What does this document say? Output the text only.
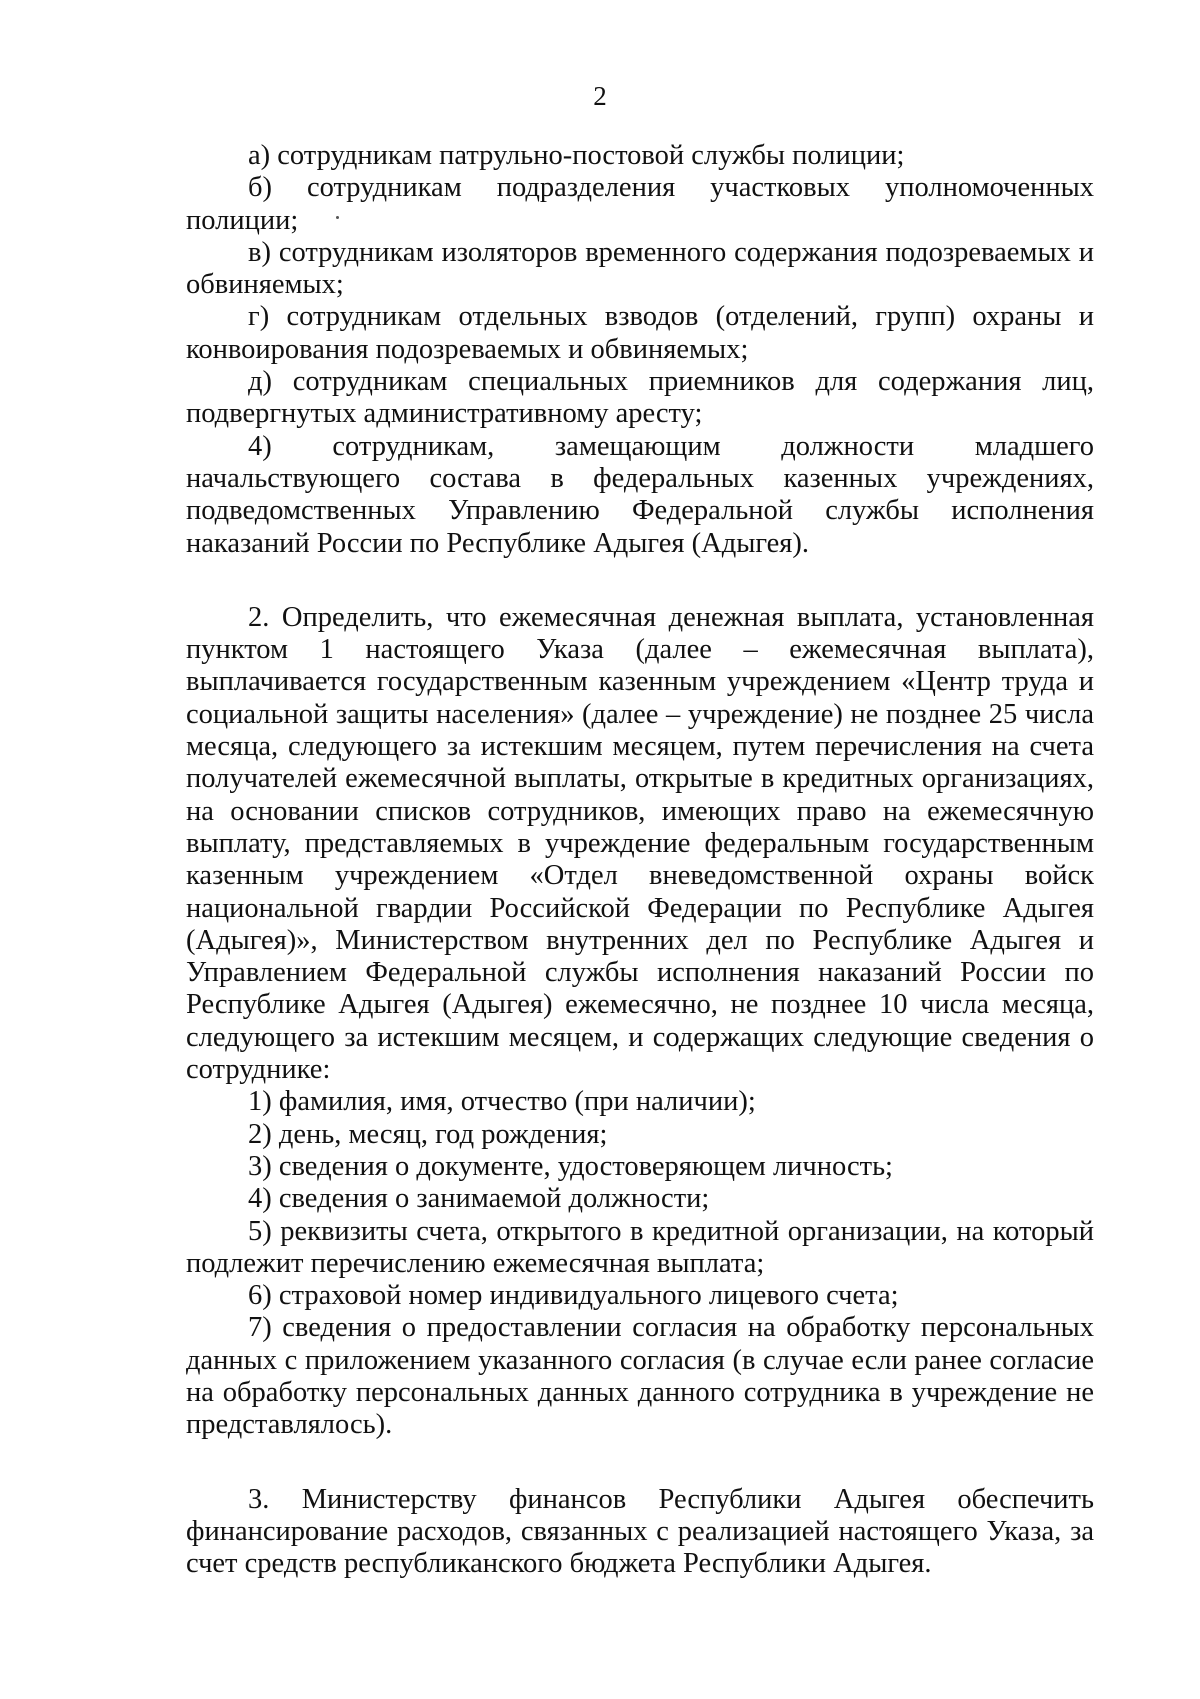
2

а) сотрудникам патрульно-постовой службы полиции;

б) сотрудникам подразделения участковых уполномоченных полиции;

в) сотрудникам изоляторов временного содержания подозреваемых и обвиняемых;

г) сотрудникам отдельных взводов (отделений, групп) охраны и конвоирования подозреваемых и обвиняемых;

д) сотрудникам специальных приемников для содержания лиц, подвергнутых административному аресту;

4) сотрудникам, замещающим должности младшего начальствующего состава в федеральных казенных учреждениях, подведомственных Управлению Федеральной службы исполнения наказаний России по Республике Адыгея (Адыгея).

2. Определить, что ежемесячная денежная выплата, установленная пунктом 1 настоящего Указа (далее – ежемесячная выплата), выплачивается государственным казенным учреждением «Центр труда и социальной защиты населения» (далее – учреждение) не позднее 25 числа месяца, следующего за истекшим месяцем, путем перечисления на счета получателей ежемесячной выплаты, открытые в кредитных организациях, на основании списков сотрудников, имеющих право на ежемесячную выплату, представляемых в учреждение федеральным государственным казенным учреждением «Отдел вневедомственной охраны войск национальной гвардии Российской Федерации по Республике Адыгея (Адыгея)», Министерством внутренних дел по Республике Адыгея и Управлением Федеральной службы исполнения наказаний России по Республике Адыгея (Адыгея) ежемесячно, не позднее 10 числа месяца, следующего за истекшим месяцем, и содержащих следующие сведения о сотруднике:

1) фамилия, имя, отчество (при наличии);

2) день, месяц, год рождения;

3) сведения о документе, удостоверяющем личность;

4) сведения о занимаемой должности;

5) реквизиты счета, открытого в кредитной организации, на который подлежит перечислению ежемесячная выплата;

6) страховой номер индивидуального лицевого счета;

7) сведения о предоставлении согласия на обработку персональных данных с приложением указанного согласия (в случае если ранее согласие на обработку персональных данных данного сотрудника в учреждение не представлялось).

3. Министерству финансов Республики Адыгея обеспечить финансирование расходов, связанных с реализацией настоящего Указа, за счет средств республиканского бюджета Республики Адыгея.
